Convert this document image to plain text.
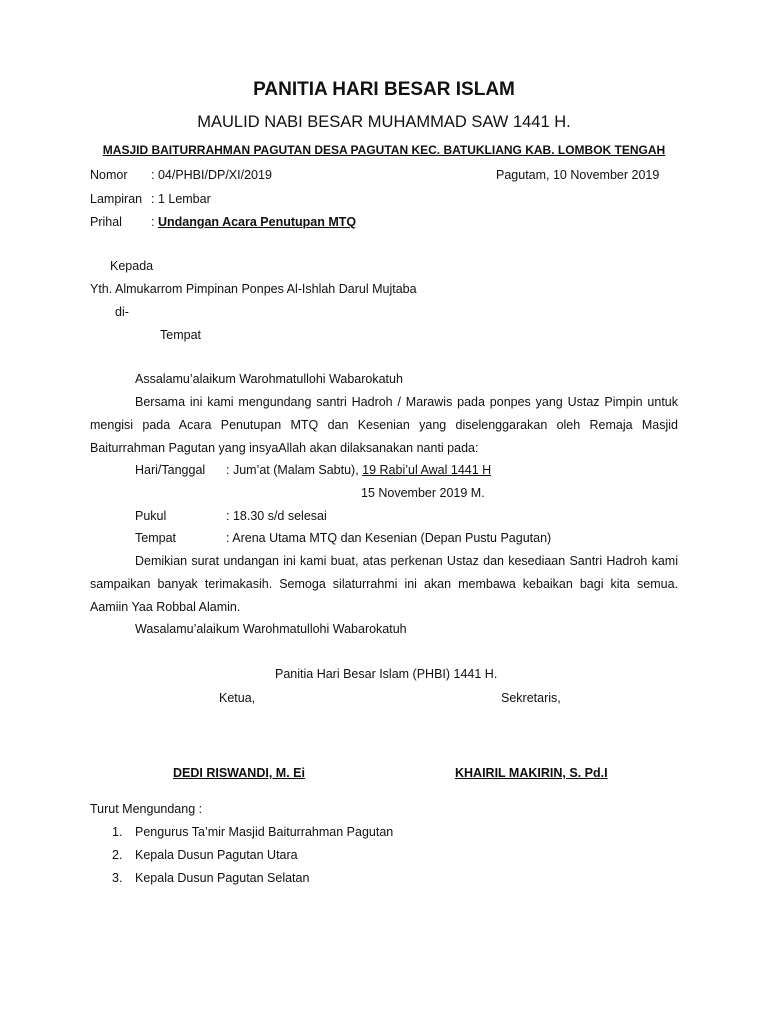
PANITIA HARI BESAR ISLAM
MAULID NABI BESAR MUHAMMAD SAW 1441 H.
MASJID BAITURRAHMAN PAGUTAN DESA PAGUTAN KEC. BATUKLIANG KAB. LOMBOK TENGAH
Nomor : 04/PHBI/DP/XI/2019	Pagutam, 10 November 2019
Lampiran : 1 Lembar
Prihal : Undangan Acara Penutupan MTQ
Kepada
Yth. Almukarrom Pimpinan Ponpes Al-Ishlah Darul Mujtaba
di-
Tempat
Assalamu’alaikum Warohmatullohi Wabarokatuh
Bersama ini kami mengundang santri Hadroh / Marawis pada ponpes yang Ustaz Pimpin untuk mengisi pada Acara Penutupan MTQ dan Kesenian yang diselenggarakan oleh Remaja Masjid Baiturrahman Pagutan yang insyaAllah akan dilaksanakan nanti pada:
Hari/Tanggal : Jum’at (Malam Sabtu), 19 Rabi’ul Awal 1441 H
15 November 2019 M.
Pukul	: 18.30 s/d selesai
Tempat	: Arena Utama MTQ dan Kesenian (Depan Pustu Pagutan)
Demikian surat undangan ini kami buat, atas perkenan Ustaz dan kesediaan Santri Hadroh kami sampaikan banyak terimakasih. Semoga silaturrahmi ini akan membawa kebaikan bagi kita semua. Aamiin Yaa Robbal Alamin.
Wasalamu’alaikum Warohmatullohi Wabarokatuh
Panitia Hari Besar Islam (PHBI) 1441 H.
Ketua,	Sekretaris,
DEDI RISWANDI, M. Ei	KHAIRIL MAKIRIN, S. Pd.I
Turut Mengundang :
1. Pengurus Ta’mir Masjid Baiturrahman Pagutan
2. Kepala Dusun Pagutan Utara
3. Kepala Dusun Pagutan Selatan
